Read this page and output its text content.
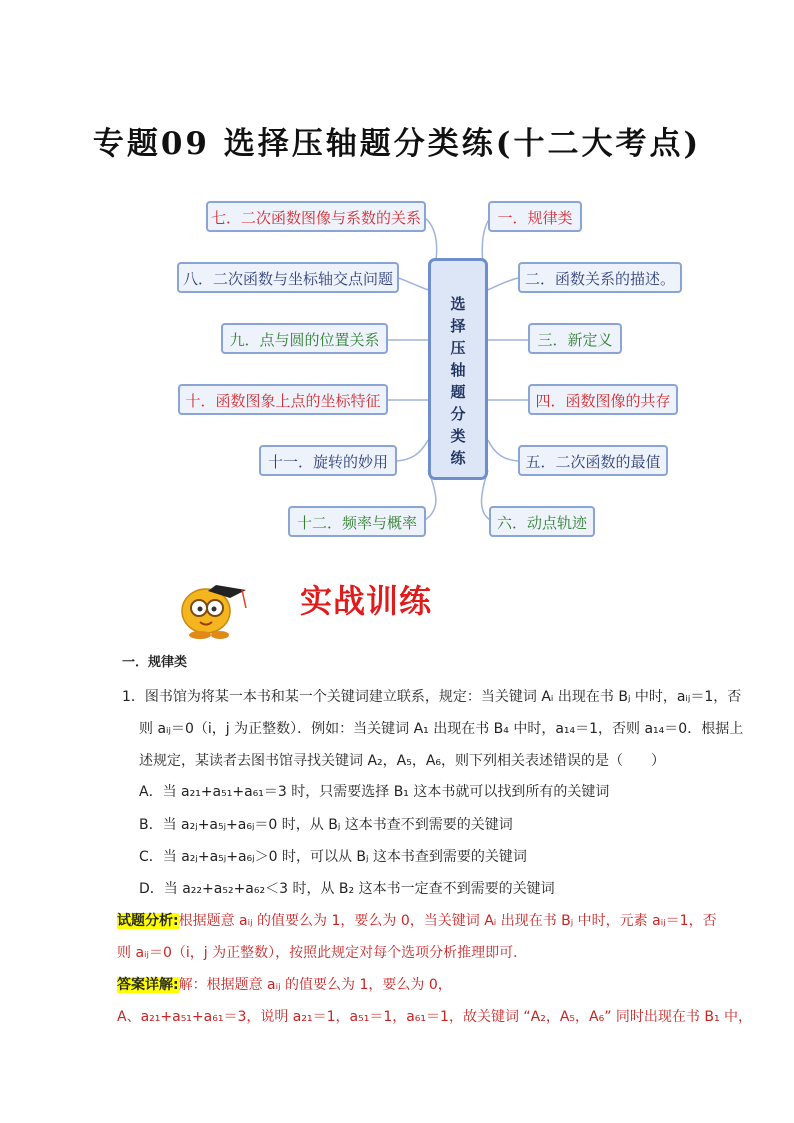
专题09 选择压轴题分类练(十二大考点)
七．二次函数图像与系数的关系
八．二次函数与坐标轴交点问题
九．点与圆的位置关系
十．函数图象上点的坐标特征
十一．旋转的妙用
十二．频率与概率
一．规律类
二．函数关系的描述。
三．新定义
四．函数图像的共存
五．二次函数的最值
六．动点轨迹
选
择
压
轴
题
分
类
练
实战训练
一．规律类
1．图书馆为将某一本书和某一个关键词建立联系，规定：当关键词 Aᵢ 出现在书 Bⱼ 中时，aᵢⱼ＝1，否
则 aᵢⱼ＝0（i，j 为正整数）．例如：当关键词 A₁ 出现在书 B₄ 中时，a₁₄＝1，否则 a₁₄＝0．根据上
述规定，某读者去图书馆寻找关键词 A₂，A₅，A₆，则下列相关表述错误的是（　　）
A．当 a₂₁+a₅₁+a₆₁＝3 时，只需要选择 B₁ 这本书就可以找到所有的关键词
B．当 a₂ⱼ+a₅ⱼ+a₆ⱼ＝0 时，从 Bⱼ 这本书查不到需要的关键词
C．当 a₂ⱼ+a₅ⱼ+a₆ⱼ＞0 时，可以从 Bⱼ 这本书查到需要的关键词
D．当 a₂₂+a₅₂+a₆₂＜3 时，从 B₂ 这本书一定查不到需要的关键词
试题分析:根据题意 aᵢⱼ 的值要么为 1，要么为 0，当关键词 Aᵢ 出现在书 Bⱼ 中时，元素 aᵢⱼ＝1，否
则 aᵢⱼ＝0（i，j 为正整数），按照此规定对每个选项分析推理即可．
答案详解:解：根据题意 aᵢⱼ 的值要么为 1，要么为 0，
A、a₂₁+a₅₁+a₆₁＝3，说明 a₂₁＝1，a₅₁＝1，a₆₁＝1，故关键词 “A₂，A₅，A₆” 同时出现在书 B₁ 中，
